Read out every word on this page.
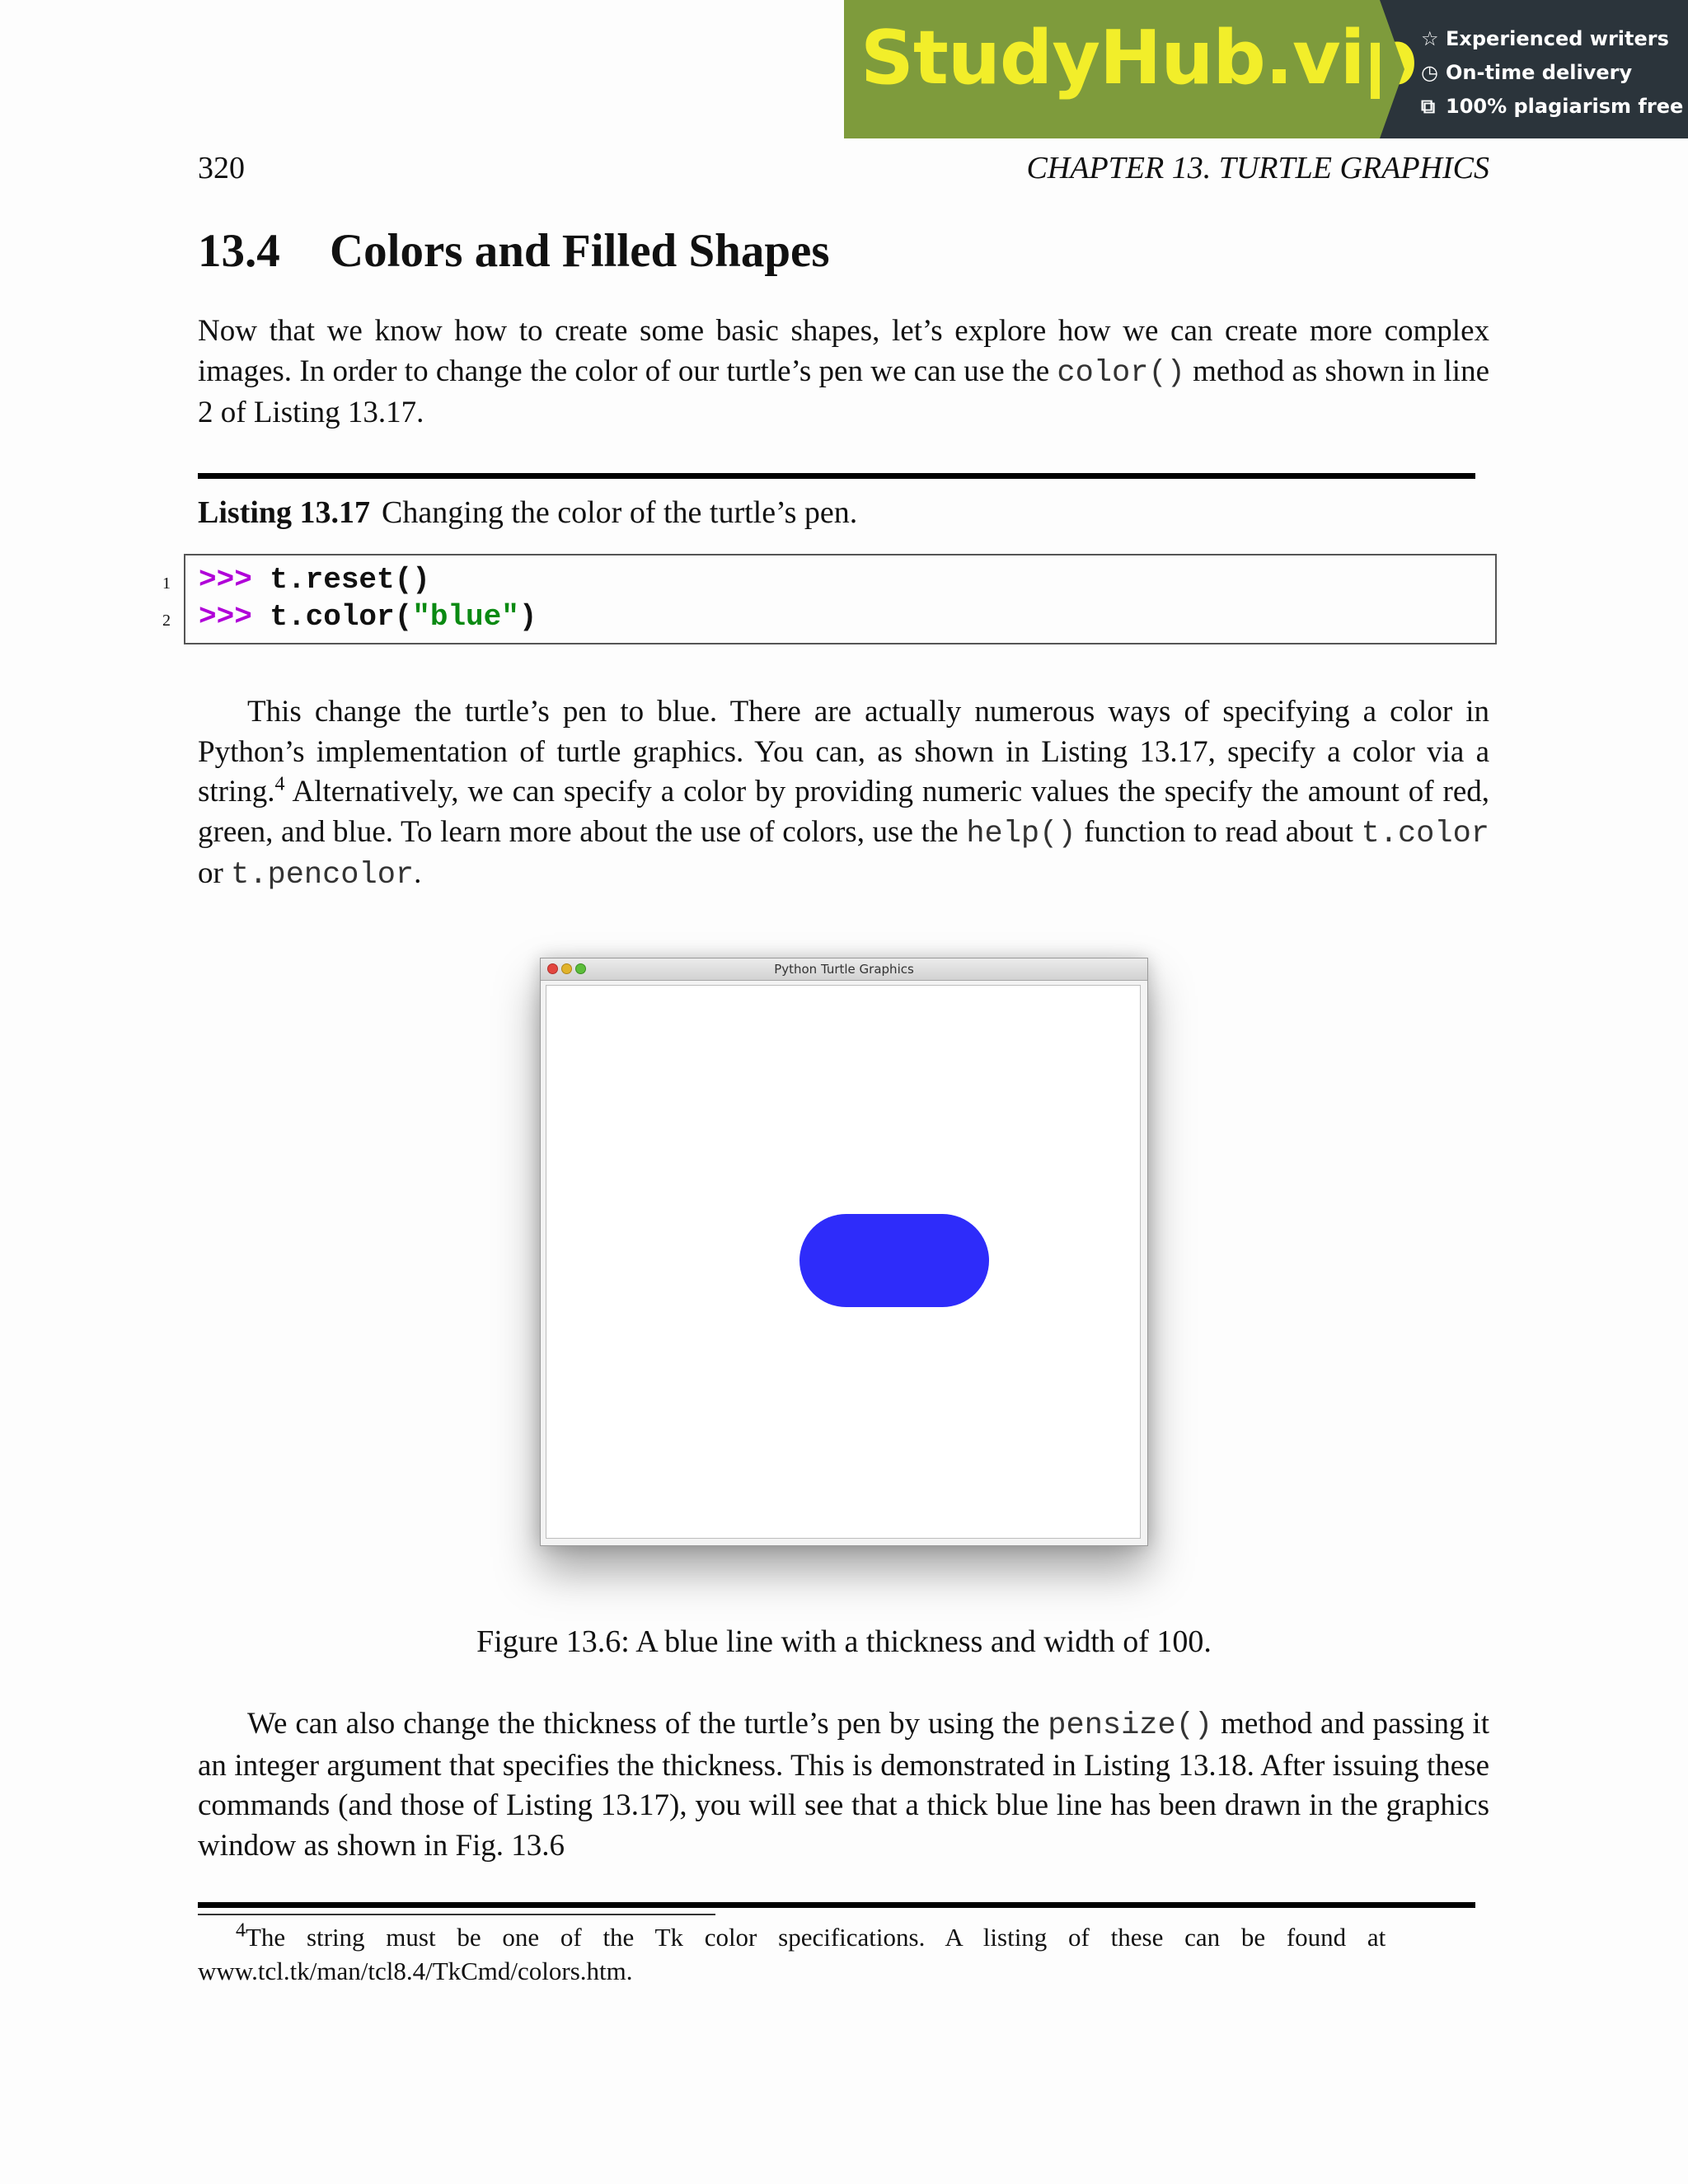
StudyHub.vip ☆ Experienced writers
◷ On-time delivery
⧉ 100% plagiarism free
320	CHAPTER 13. TURTLE GRAPHICS
13.4 Colors and Filled Shapes

Now that we know how to create some basic shapes, let’s explore how we can create more complex images. In order to change the color of our turtle’s pen we can use the color() method as shown in line 2 of Listing 13.17.

Listing 13.17 Changing the color of the turtle’s pen.
1
2
>>> t.reset()
>>> t.color("blue")

This change the turtle’s pen to blue. There are actually numerous ways of specifying a color in Python’s implementation of turtle graphics. You can, as shown in Listing 13.17, specify a color via a string.$^4$ Alternatively, we can specify a color by providing numeric values the specify the amount of red, green, and blue. To learn more about the use of colors, use the help() function to read about t.color or t.pencolor.

Python Turtle Graphics
Figure 13.6: A blue line with a thickness and width of 100.

We can also change the thickness of the turtle’s pen by using the pensize() method and passing it an integer argument that specifies the thickness. This is demonstrated in Listing 13.18. After issuing these commands (and those of Listing 13.17), you will see that a thick blue line has been drawn in the graphics window as shown in Fig. 13.6

$^4$The string must be one of the Tk color specifications. A listing of these can be found at
www.tcl.tk/man/tcl8.4/TkCmd/colors.htm.
